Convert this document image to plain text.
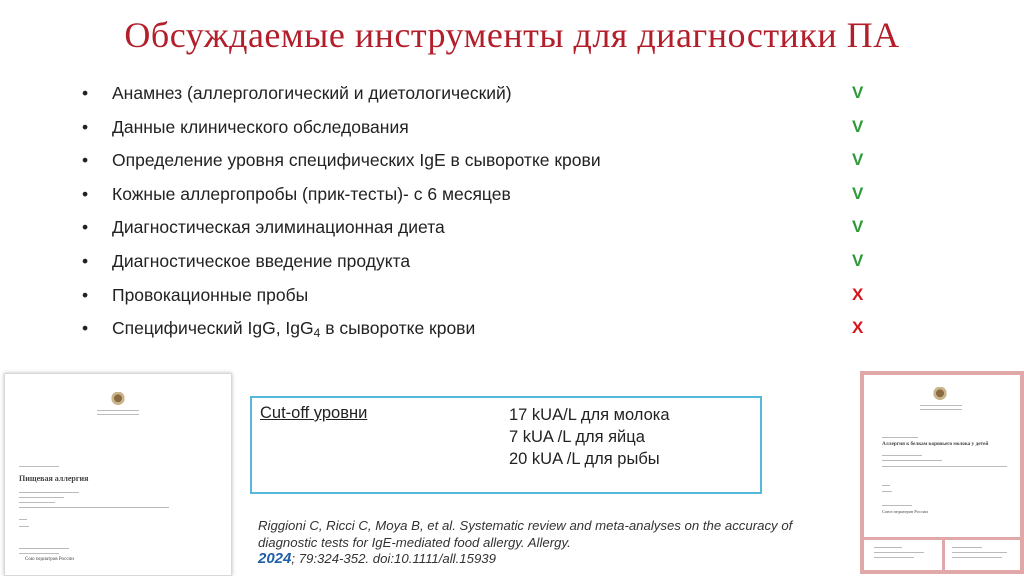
Обсуждаемые инструменты для диагностики ПА
• Анамнез (аллергологический и диетологический)	V
• Данные клинического обследования	V
• Определение уровня специфических IgE в сыворотке крови	V
• Кожные аллергопробы (прик-тесты)- с 6 месяцев	V
• Диагностическая элиминационная диета	V
• Диагностическое введение продукта	V
• Провокационные пробы	X
• Специфический IgG, IgG$_4$ в сыворотке крови	X
Пищевая аллергия
Сою педиатров России
Cut-off уровни	17 kUA/L для молока
7 kUA /L для яйца
20 kUA /L для рыбы
Riggioni C, Ricci C, Moya B, et al. Systematic review and meta-analyses on the accuracy of diagnostic tests for IgE-mediated food allergy. Allergy.
2024; 79:324-352. doi:10.1111/all.15939
Аллергия к белкам коровьего молока у детей
Союз педиатров России
